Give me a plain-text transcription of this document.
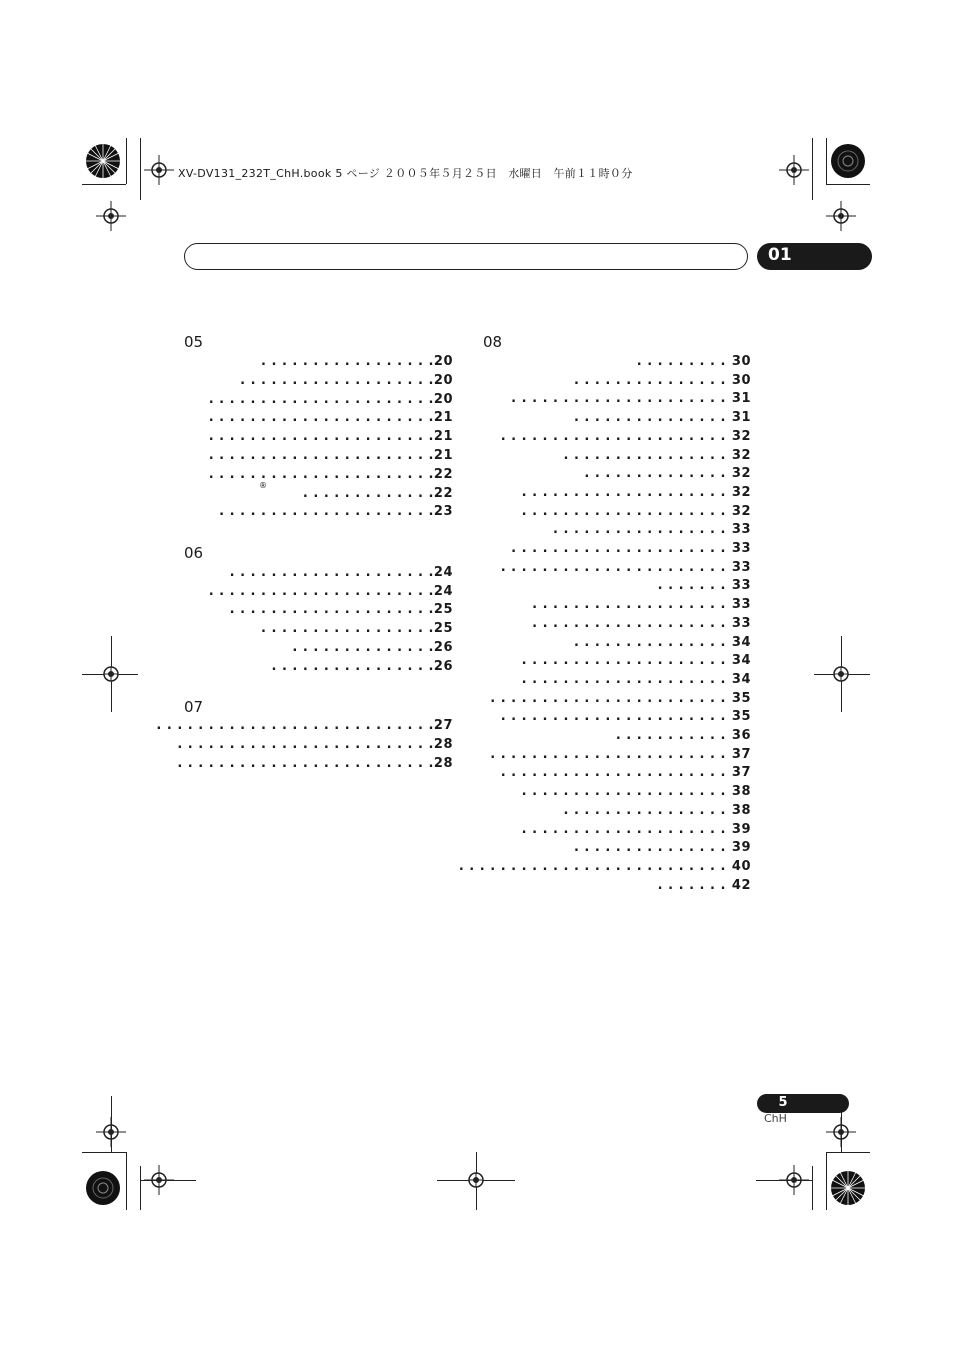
XV-DV131_232T_ChH.book 5 ページ ２００５年５月２５日　水曜日　午前１１時０分
01
05
06
07
08
®
. . . . . . . . . . . . . . . . .20
. . . . . . . . . . . . . . . . . . .20
. . . . . . . . . . . . . . . . . . . . . .20
. . . . . . . . . . . . . . . . . . . . . .21
. . . . . . . . . . . . . . . . . . . . . .21
. . . . . . . . . . . . . . . . . . . . . .21
. . . . . . . . . . . . . . . . . . . . . .22
. . . . . . . . . . . . .22
. . . . . . . . . . . . . . . . . . . . .23
. . . . . . . . . . . . . . . . . . . .24
. . . . . . . . . . . . . . . . . . . . . .24
. . . . . . . . . . . . . . . . . . . .25
. . . . . . . . . . . . . . . . .25
. . . . . . . . . . . . . .26
. . . . . . . . . . . . . . . .26
. . . . . . . . . . . . . . . . . . . . . . . . . . .27
. . . . . . . . . . . . . . . . . . . . . . . . .28
. . . . . . . . . . . . . . . . . . . . . . . . .28
. . . . . . . . . 30
. . . . . . . . . . . . . . . 30
. . . . . . . . . . . . . . . . . . . . . 31
. . . . . . . . . . . . . . . 31
. . . . . . . . . . . . . . . . . . . . . . 32
. . . . . . . . . . . . . . . . 32
. . . . . . . . . . . . . . 32
. . . . . . . . . . . . . . . . . . . . 32
. . . . . . . . . . . . . . . . . . . . 32
. . . . . . . . . . . . . . . . . 33
. . . . . . . . . . . . . . . . . . . . . 33
. . . . . . . . . . . . . . . . . . . . . . 33
. . . . . . . 33
. . . . . . . . . . . . . . . . . . . 33
. . . . . . . . . . . . . . . . . . . 33
. . . . . . . . . . . . . . . 34
. . . . . . . . . . . . . . . . . . . . 34
. . . . . . . . . . . . . . . . . . . . 34
. . . . . . . . . . . . . . . . . . . . . . . 35
. . . . . . . . . . . . . . . . . . . . . . 35
. . . . . . . . . . . 36
. . . . . . . . . . . . . . . . . . . . . . . 37
. . . . . . . . . . . . . . . . . . . . . . 37
. . . . . . . . . . . . . . . . . . . . 38
. . . . . . . . . . . . . . . . 38
. . . . . . . . . . . . . . . . . . . . 39
. . . . . . . . . . . . . . . 39
. . . . . . . . . . . . . . . . . . . . . . . . . . 40
. . . . . . . 42
5
ChH
